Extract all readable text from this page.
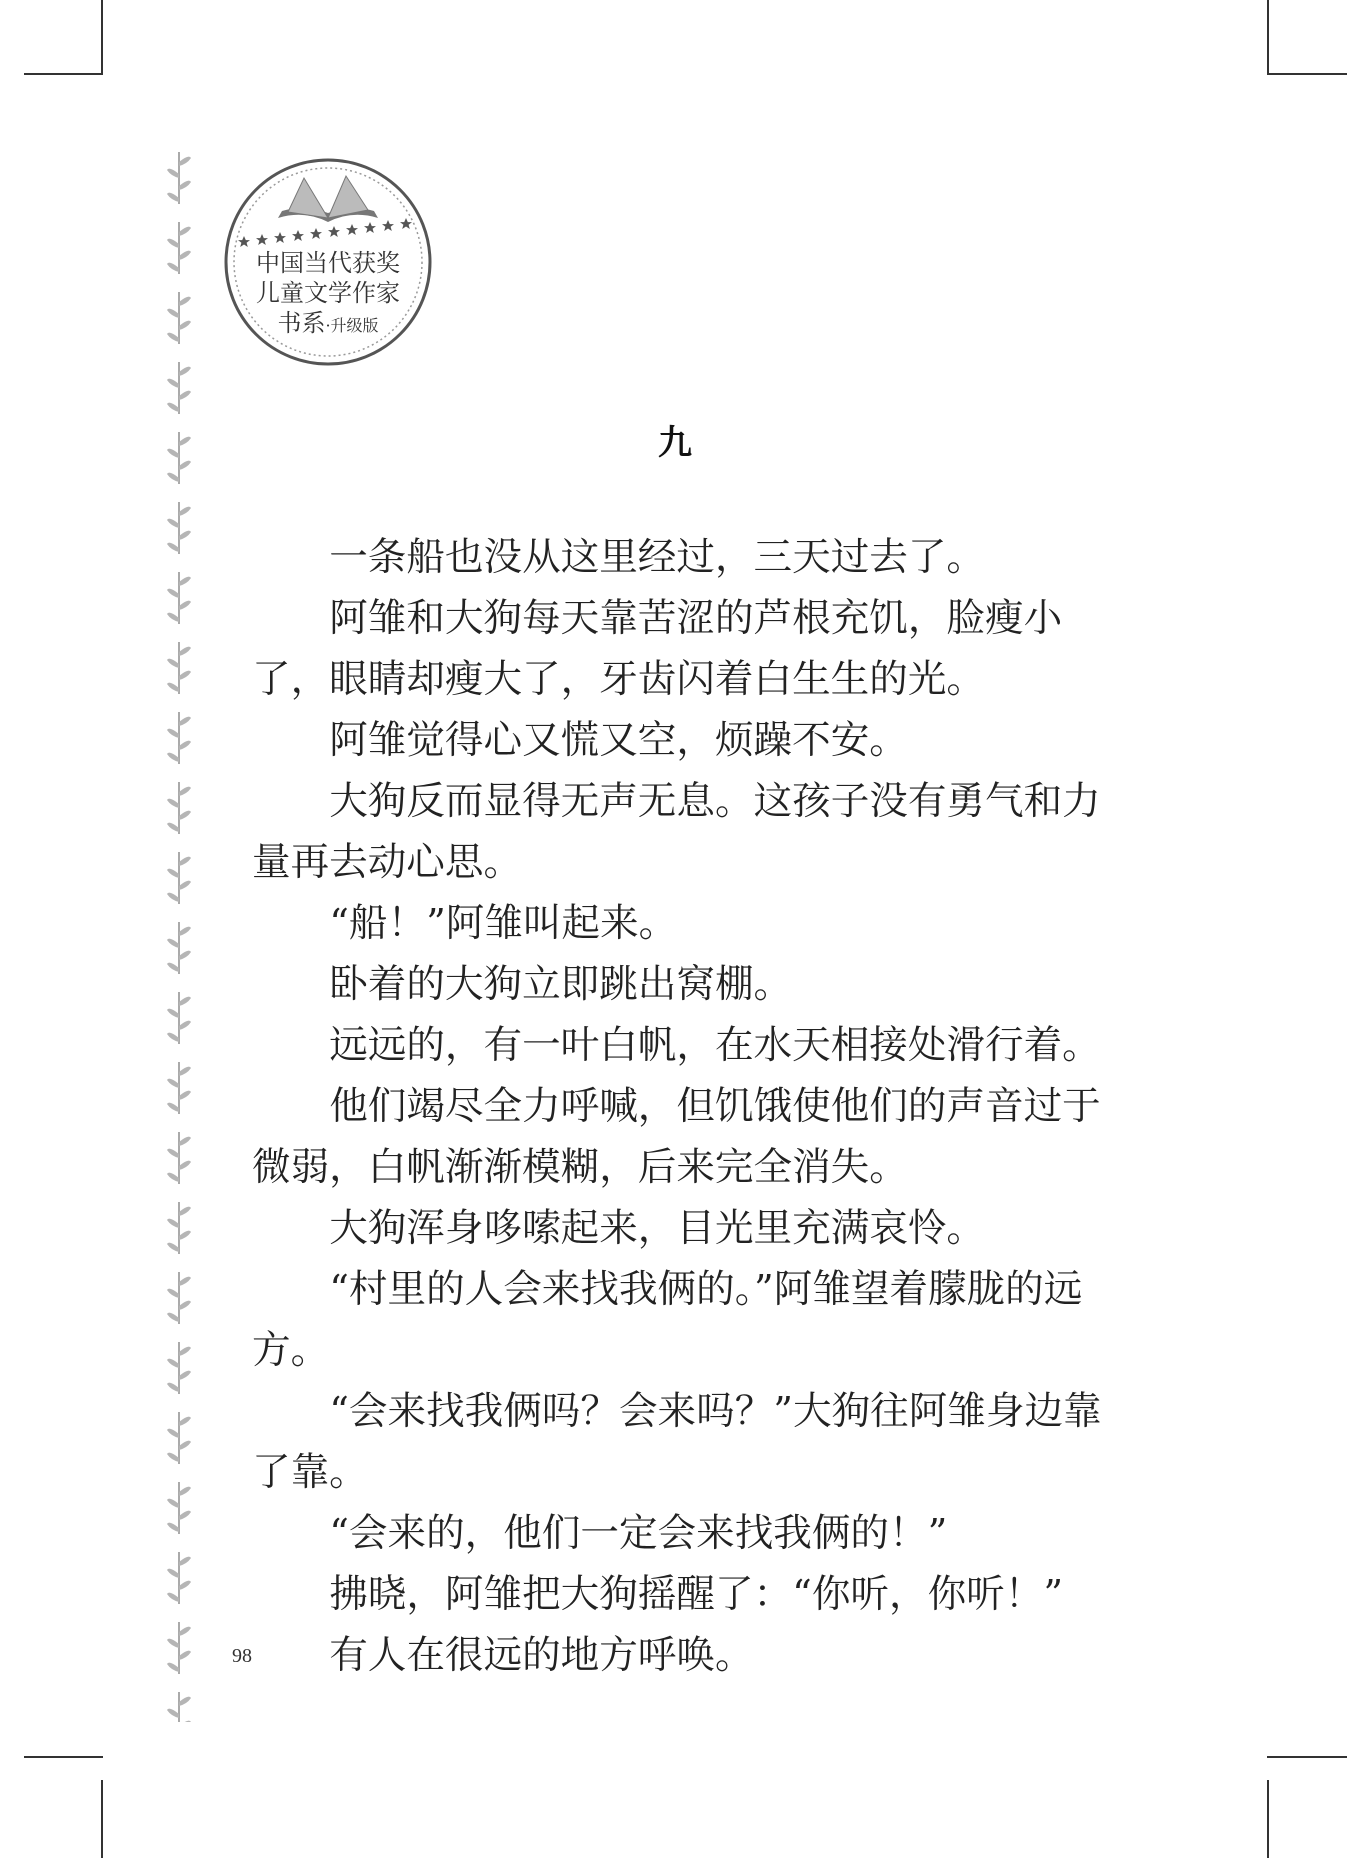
中国当代获奖
儿童文学作家
书系·升级版
九

一条船也没从这里经过，三天过去了。

阿雏和大狗每天靠苦涩的芦根充饥，脸瘦小了，眼睛却瘦大了，牙齿闪着白生生的光。

阿雏觉得心又慌又空，烦躁不安。

大狗反而显得无声无息。这孩子没有勇气和力量再去动心思。

“船！”阿雏叫起来。

卧着的大狗立即跳出窝棚。

远远的，有一叶白帆，在水天相接处滑行着。

他们竭尽全力呼喊，但饥饿使他们的声音过于微弱，白帆渐渐模糊，后来完全消失。

大狗浑身哆嗦起来，目光里充满哀怜。

“村里的人会来找我俩的。”阿雏望着朦胧的远方。

“会来找我俩吗？会来吗？”大狗往阿雏身边靠了靠。

“会来的，他们一定会来找我俩的！”

拂晓，阿雏把大狗摇醒了：“你听，你听！”

有人在很远的地方呼唤。

98
